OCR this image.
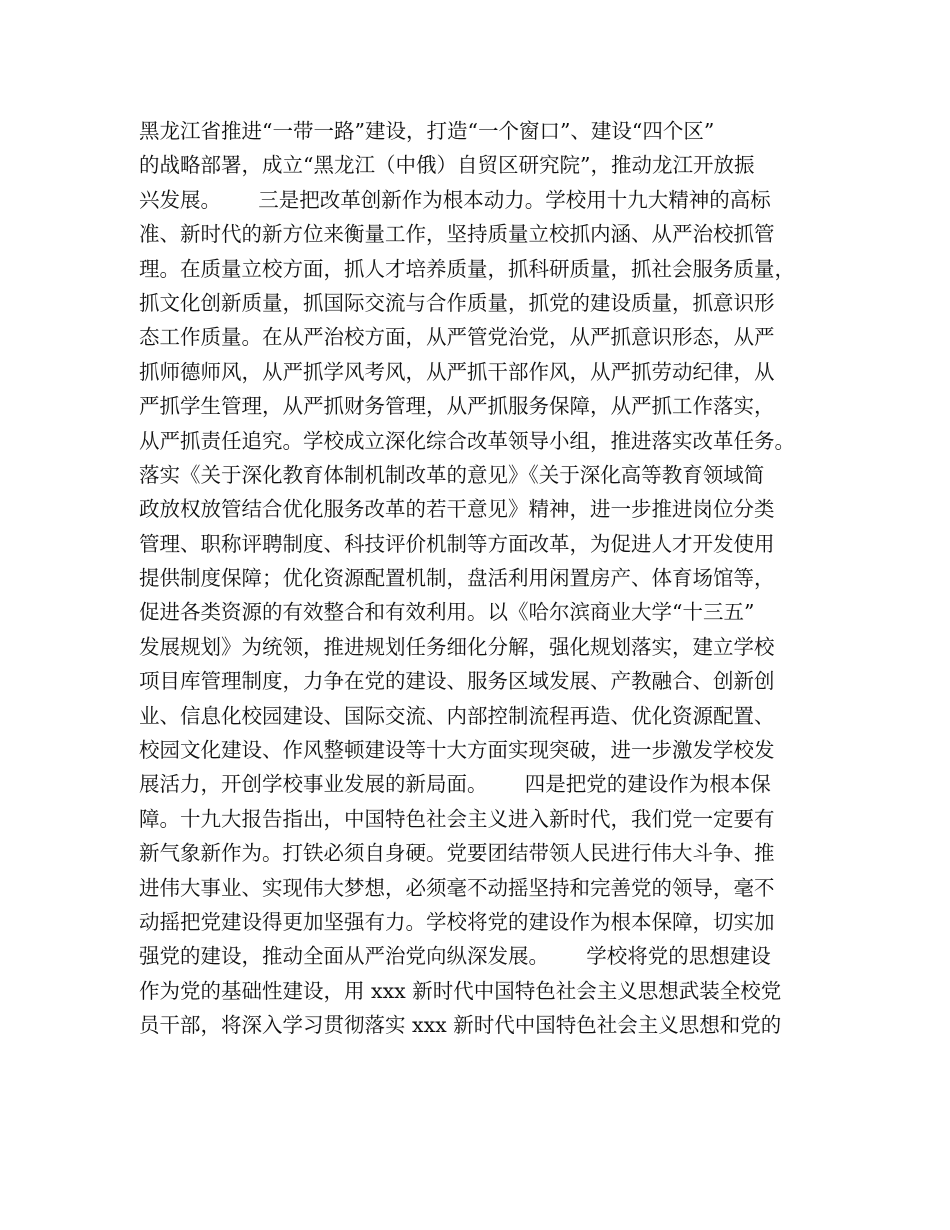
黑龙江省推进“一带一路”建设，打造“一个窗口”、建设“四个区”
的战略部署，成立“黑龙江（中俄）自贸区研究院”，推动龙江开放振
兴发展。　　 三是把改革创新作为根本动力。学校用十九大精神的高标
准、新时代的新方位来衡量工作，坚持质量立校抓内涵、从严治校抓管
理。在质量立校方面，抓人才培养质量，抓科研质量，抓社会服务质量，
抓文化创新质量，抓国际交流与合作质量，抓党的建设质量，抓意识形
态工作质量。在从严治校方面，从严管党治党，从严抓意识形态，从严
抓师德师风，从严抓学风考风，从严抓干部作风，从严抓劳动纪律，从
严抓学生管理，从严抓财务管理，从严抓服务保障，从严抓工作落实，
从严抓责任追究。学校成立深化综合改革领导小组，推进落实改革任务。
落实《关于深化教育体制机制改革的意见》《关于深化高等教育领域简
政放权放管结合优化服务改革的若干意见》精神，进一步推进岗位分类
管理、职称评聘制度、科技评价机制等方面改革，为促进人才开发使用
提供制度保障；优化资源配置机制，盘活利用闲置房产、体育场馆等，
促进各类资源的有效整合和有效利用。以《哈尔滨商业大学“十三五”
发展规划》为统领，推进规划任务细化分解，强化规划落实，建立学校
项目库管理制度，力争在党的建设、服务区域发展、产教融合、创新创
业、信息化校园建设、国际交流、内部控制流程再造、优化资源配置、
校园文化建设、作风整顿建设等十大方面实现突破，进一步激发学校发
展活力，开创学校事业发展的新局面。　　 四是把党的建设作为根本保
障。十九大报告指出，中国特色社会主义进入新时代，我们党一定要有
新气象新作为。打铁必须自身硬。党要团结带领人民进行伟大斗争、推
进伟大事业、实现伟大梦想，必须毫不动摇坚持和完善党的领导，毫不
动摇把党建设得更加坚强有力。学校将党的建设作为根本保障，切实加
强党的建设，推动全面从严治党向纵深发展。　　 学校将党的思想建设
作为党的基础性建设，用 xxx 新时代中国特色社会主义思想武装全校党
员干部，将深入学习贯彻落实 xxx 新时代中国特色社会主义思想和党的
